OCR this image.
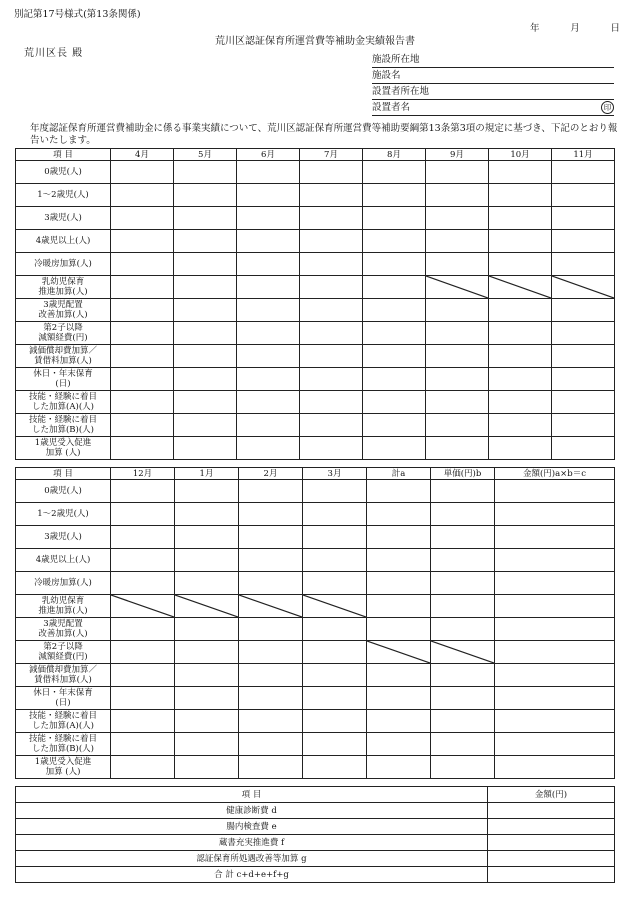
別記第17号様式(第13条関係)
年	月	日
荒川区認証保育所運営費等補助金実績報告書
荒川区長 殿
施設所在地
施設名
設置者所在地
設置者名	印
年度認証保育所運営費補助金に係る事業実績について、荒川区認証保育所運営費等補助要綱第13条第3項の規定に基づき、下記のとおり報告いたします。
項 目	4月	5月	6月	7月	8月	9月	10月	11月
0歳児(人)								
1～2歳児(人)								
3歳児(人)								
4歳児以上(人)								
冷暖房加算(人)								
乳幼児保育
推進加算(人)						

3歳児配置
改善加算(人)								
第2子以降
減額経費(円)								
減価償却費加算／
賃借料加算(人)								
休日・年末保育
(日)								
技能・経験に着目
した加算(A)(人)								
技能・経験に着目
した加算(B)(人)								
1歳児受入促進
加算 (人)								
項 目	12月	1月	2月	3月	計a	単価(円)b	金額(円)a×b＝c
0歳児(人)							
1～2歳児(人)							
3歳児(人)							
4歳児以上(人)							
冷暖房加算(人)							
乳幼児保育
推進加算(人)	

3歳児配置
改善加算(人)							
第2子以降
減額経費(円)					

減価償却費加算／
賃借料加算(人)							
休日・年末保育
(日)							
技能・経験に着目
した加算(A)(人)							
技能・経験に着目
した加算(B)(人)							
1歳児受入促進
加算 (人)							
項 目	金額(円)
健康診断費 d	
腸内検査費 e	
蔵書充実推進費 f	
認証保育所処遇改善等加算 g	
合 計 c+d+e+f+g	
